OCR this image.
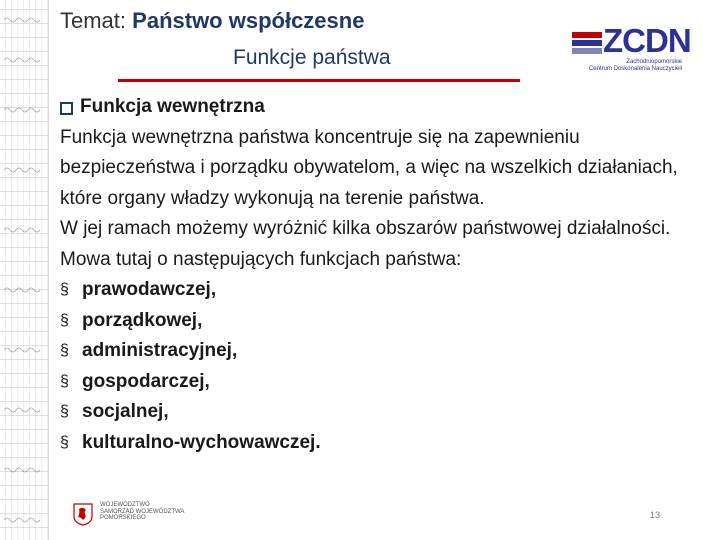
Temat: Państwo współczesne
Funkcje państwa	ZCDN
Zachodniopomorskie
Centrum Doskonalenia Nauczycieli
Funkcja wewnętrzna

Funkcja wewnętrzna państwa koncentruje się na zapewnieniu bezpieczeństwa i porządku obywatelom, a więc na wszelkich działaniach, które organy władzy wykonują na terenie państwa.

W jej ramach możemy wyróżnić kilka obszarów państwowej działalności. Mowa tutaj o następujących funkcjach państwa:

§ prawodawczej,
§ porządkowej,
§ administracyjnej,
§ gospodarczej,
§ socjalnej,
§ kulturalno-wychowawczej.
WOJEWÓDZTWO
SAMORZĄD WOJEWÓDZTWA
POMORSKIEGO	13
